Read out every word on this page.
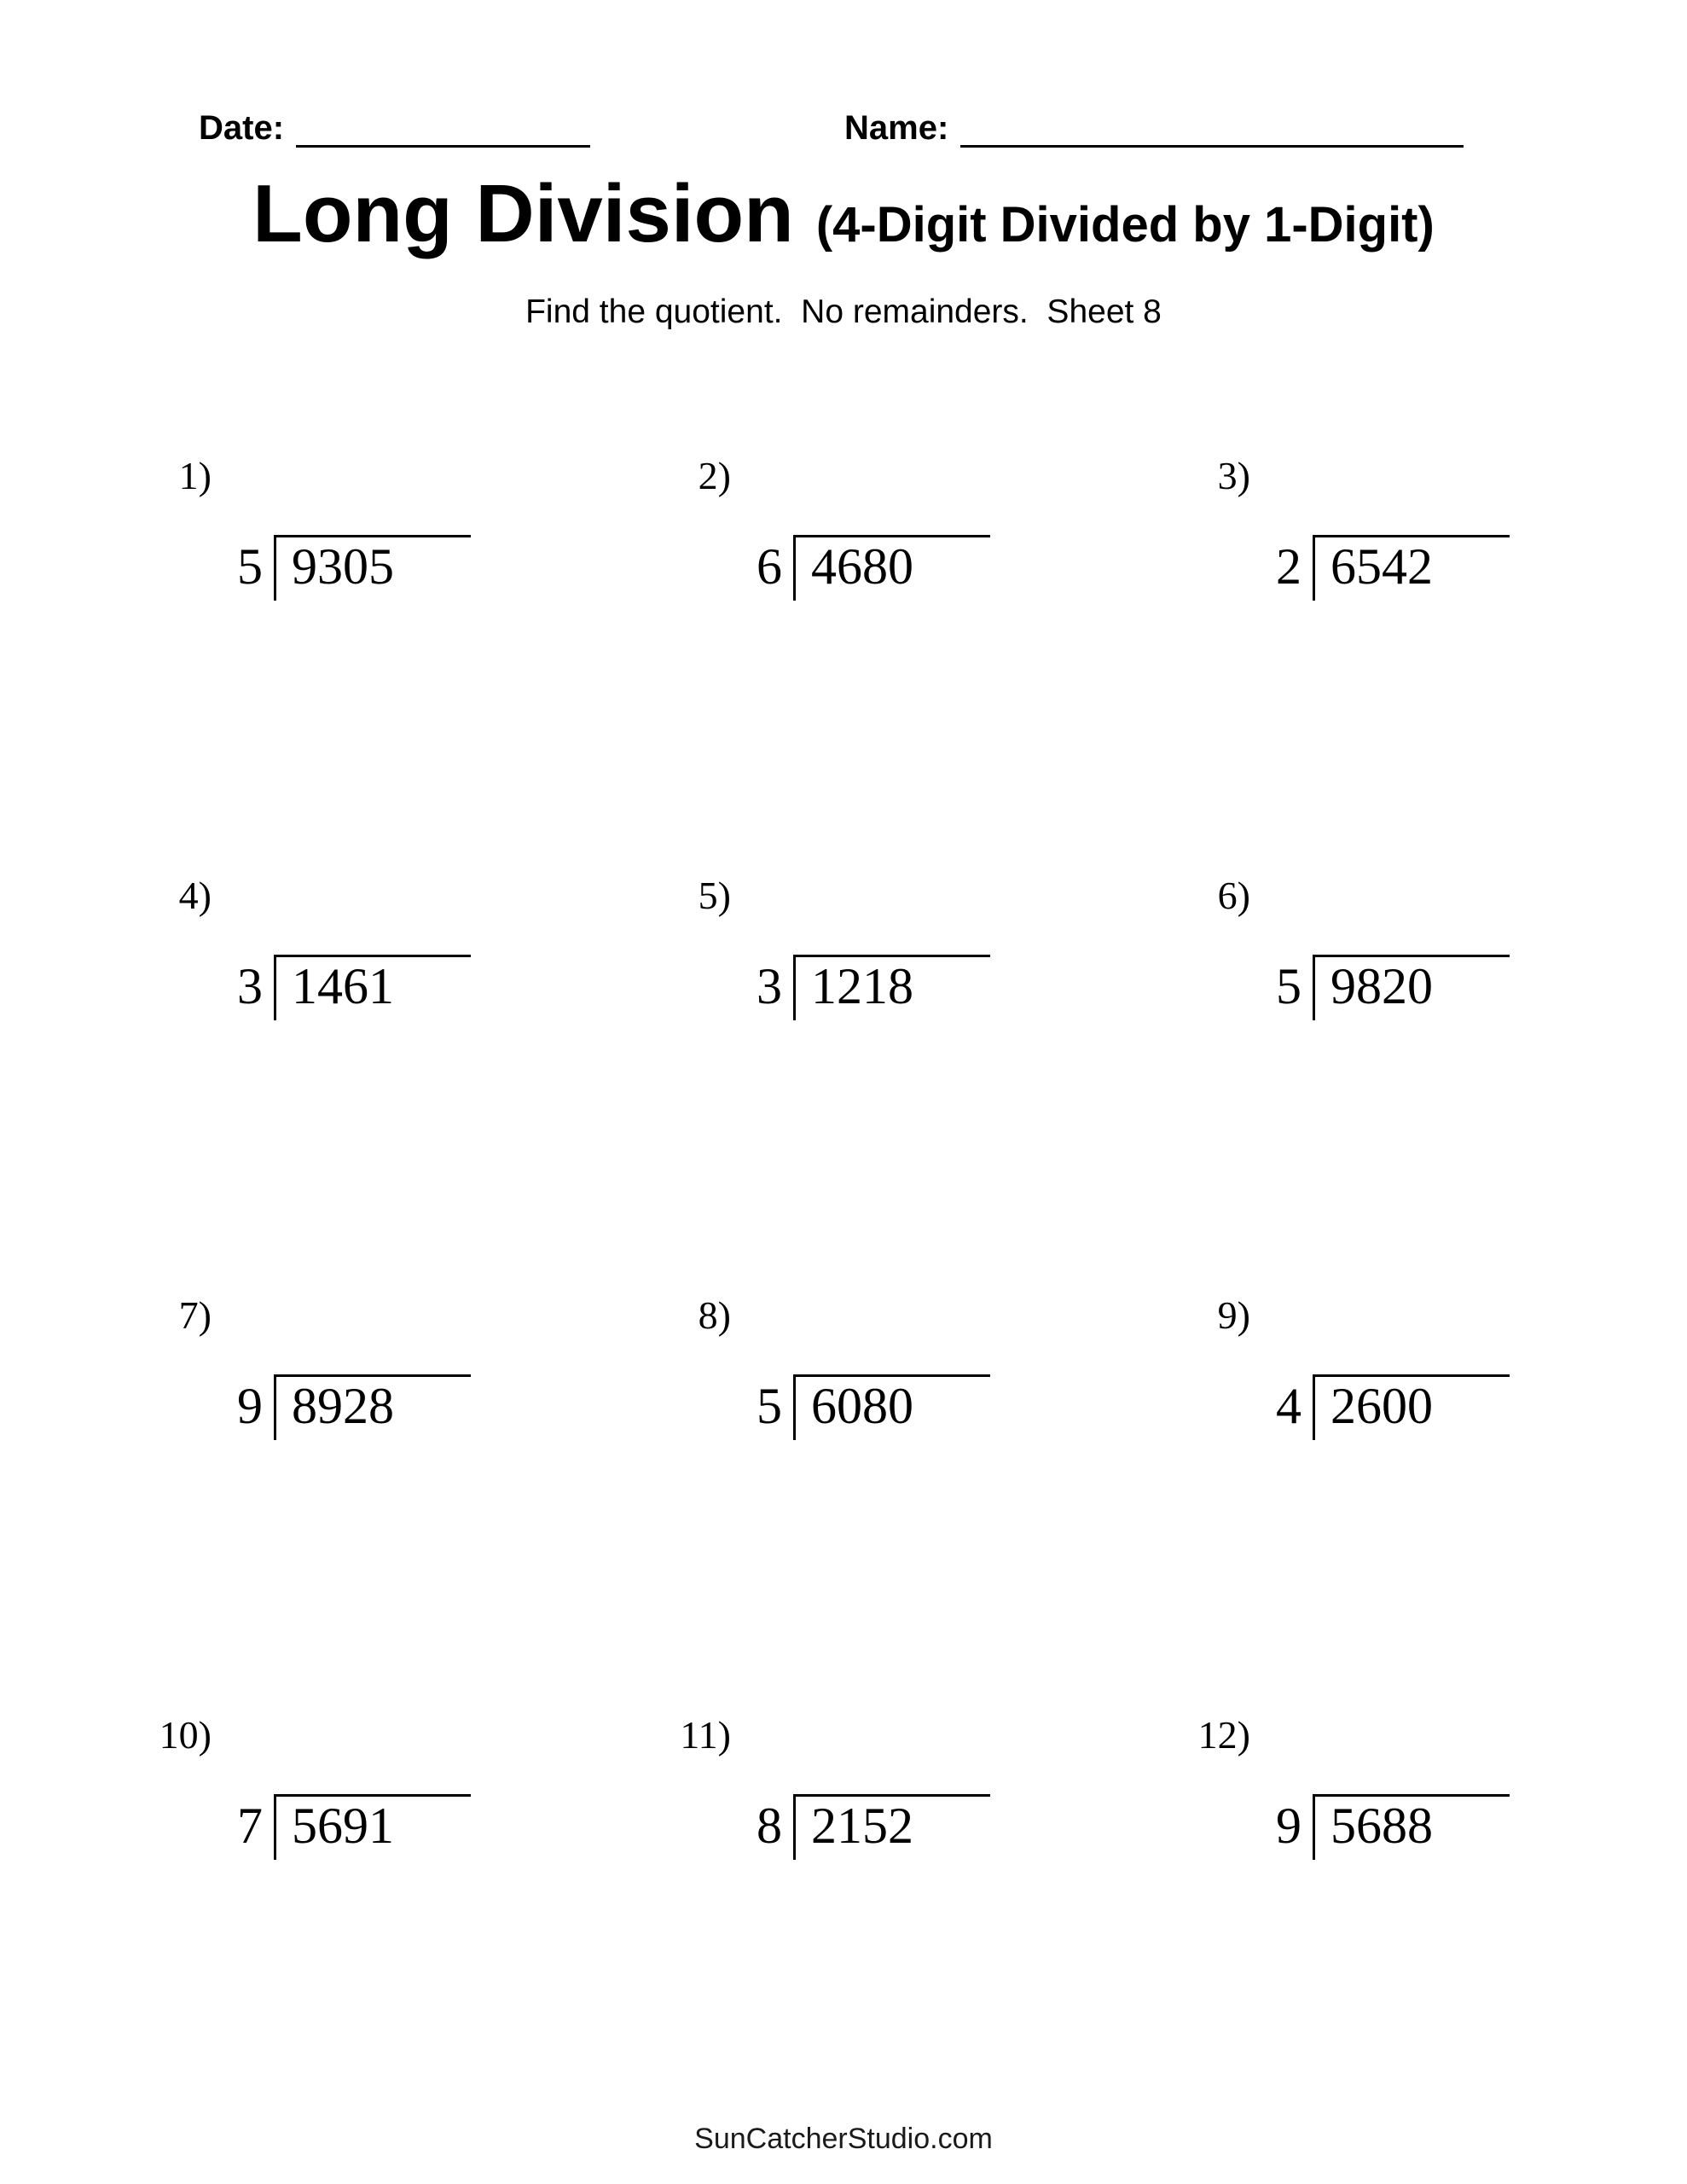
Date:	Name:
Long Division (4-Digit Divided by 1-Digit)
Find the quotient.  No remainders.  Sheet 8
1)
5 9305
2)
6 4680
3)
2 6542
4)
3 1461
5)
3 1218
6)
5 9820
7)
9 8928
8)
5 6080
9)
4 2600
10)
7 5691
11)
8 2152
12)
9 5688
SunCatcherStudio.com
